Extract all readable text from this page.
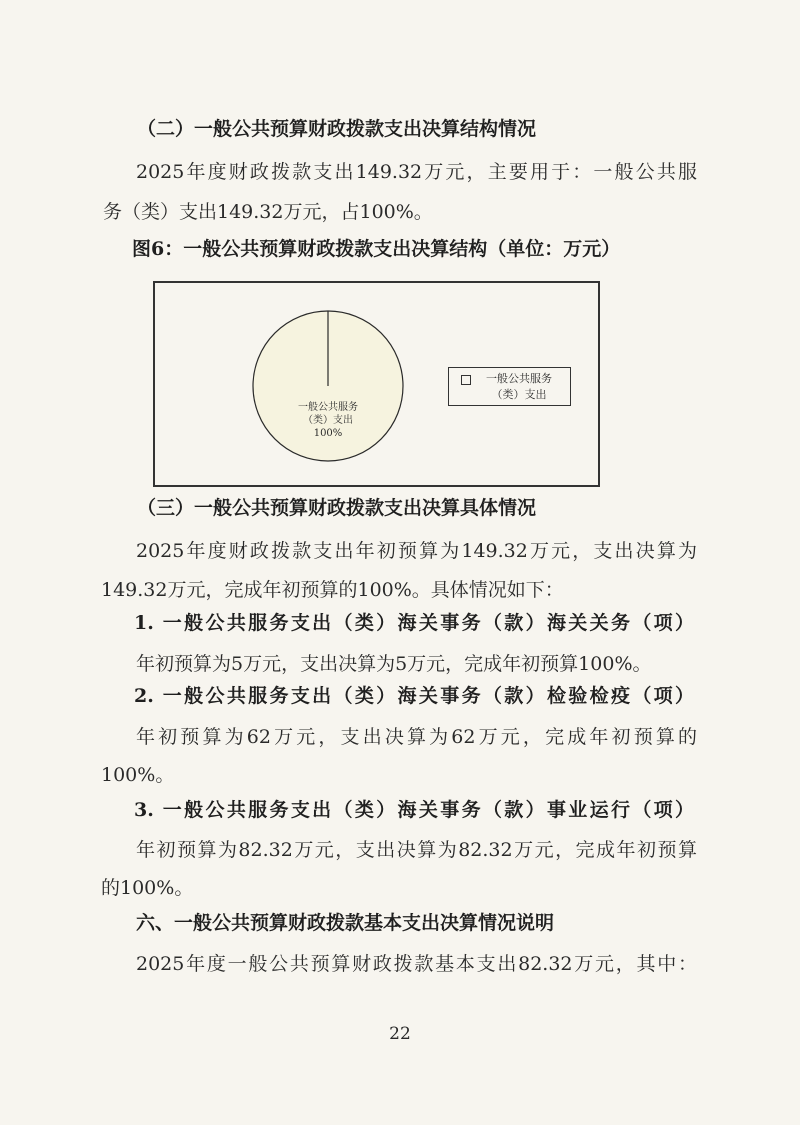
（二）一般公共预算财政拨款支出决算结构情况
2025年度财政拨款支出149.32万元，主要用于：一般公共服
务（类）支出149.32万元，占100%。
图6：一般公共预算财政拨款支出决算结构（单位：万元）
一般公共服务
（类）支出
100%
一般公共服务
（类）支出
（三）一般公共预算财政拨款支出决算具体情况
2025年度财政拨款支出年初预算为149.32万元，支出决算为
149.32万元，完成年初预算的100%。具体情况如下：
1. 一般公共服务支出（类）海关事务（款）海关关务（项）
年初预算为5万元，支出决算为5万元，完成年初预算100%。
2. 一般公共服务支出（类）海关事务（款）检验检疫（项）
年初预算为62万元，支出决算为62万元，完成年初预算的
100%。
3. 一般公共服务支出（类）海关事务（款）事业运行（项）
年初预算为82.32万元，支出决算为82.32万元，完成年初预算
的100%。
六、一般公共预算财政拨款基本支出决算情况说明
2025年度一般公共预算财政拨款基本支出82.32万元，其中：
22
